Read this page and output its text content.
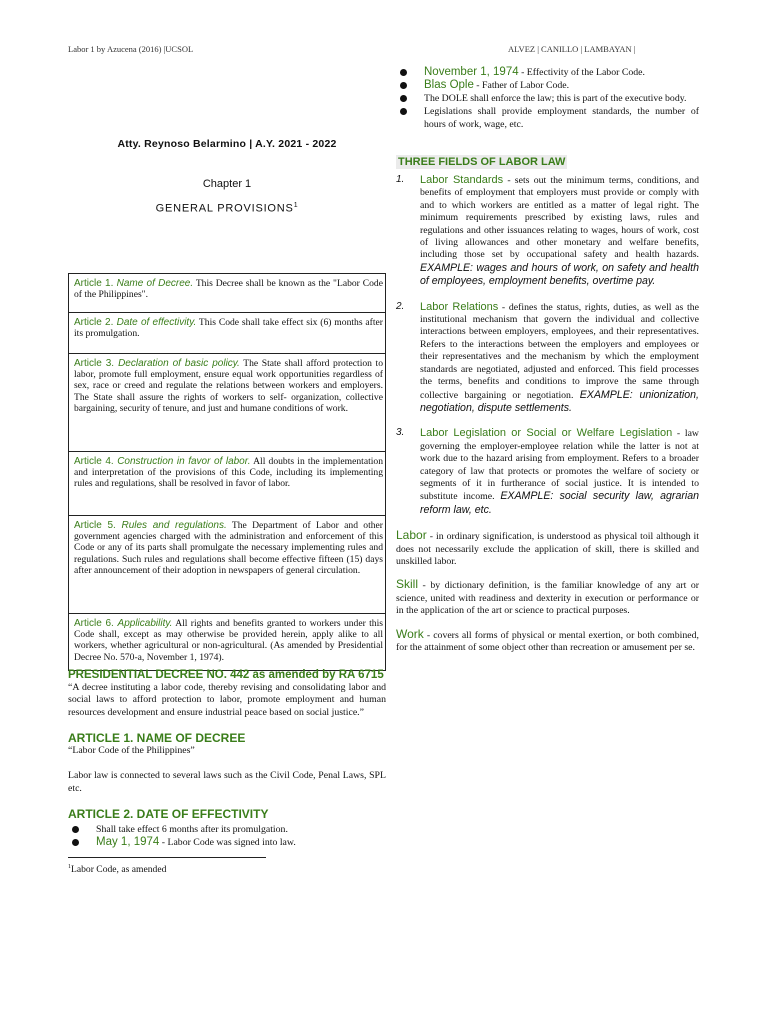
Labor 1 by Azucena (2016) |UCSOL	ALVEZ | CANILLO | LAMBAYAN |
Atty. Reynoso Belarmino | A.Y. 2021 - 2022
Chapter 1
GENERAL PROVISIONS$^1$
Article 1. Name of Decree. This Decree shall be known as the "Labor Code of the Philippines".
Article 2. Date of effectivity. This Code shall take effect six (6) months after its promulgation.
Article 3. Declaration of basic policy. The State shall afford protection to labor, promote full employment, ensure equal work opportunities regardless of sex, race or creed and regulate the relations between workers and employers. The State shall assure the rights of workers to self- organization, collective bargaining, security of tenure, and just and humane conditions of work.
Article 4. Construction in favor of labor. All doubts in the implementation and interpretation of the provisions of this Code, including its implementing rules and regulations, shall be resolved in favor of labor.
Article 5. Rules and regulations. The Department of Labor and other government agencies charged with the administration and enforcement of this Code or any of its parts shall promulgate the necessary implementing rules and regulations. Such rules and regulations shall become effective fifteen (15) days after announcement of their adoption in newspapers of general circulation.
Article 6. Applicability. All rights and benefits granted to workers under this Code shall, except as may otherwise be provided herein, apply alike to all workers, whether agricultural or non-agricultural. (As amended by Presidential Decree No. 570-a, November 1, 1974).
PRESIDENTIAL DECREE NO. 442 as amended by RA 6715
“A decree instituting a labor code, thereby revising and consolidating labor and social laws to afford protection to labor, promote employment and human resources development and ensure industrial peace based on social justice.”
ARTICLE 1. NAME OF DECREE
“Labor Code of the Philippines”
Labor law is connected to several laws such as the Civil Code, Penal Laws, SPL etc.
ARTICLE 2. DATE OF EFFECTIVITY
Shall take effect 6 months after its promulgation.
May 1, 1974 - Labor Code was signed into law.
$^1$Labor Code, as amended
November 1, 1974 - Effectivity of the Labor Code.
Blas Ople - Father of Labor Code.
The DOLE shall enforce the law; this is part of the executive body.
Legislations shall provide employment standards, the number of hours of work, wage, etc.
THREE FIELDS OF LABOR LAW
1. Labor Standards - sets out the minimum terms, conditions, and benefits of employment that employers must provide or comply with and to which workers are entitled as a matter of legal right. The minimum requirements prescribed by existing laws, rules and regulations and other issuances relating to wages, hours of work, cost of living allowances and other monetary and welfare benefits, including those set by occupational safety and health hazards. EXAMPLE: wages and hours of work, on safety and health of employees, employment benefits, overtime pay.
2. Labor Relations - defines the status, rights, duties, as well as the institutional mechanism that govern the individual and collective interactions between employers, employees, and their representatives. Refers to the interactions between the employers and employees or their representatives and the mechanism by which the employment standards are negotiated, adjusted and enforced. This field processes the terms, benefits and conditions to improve the same through collective bargaining or negotiation. EXAMPLE: unionization, negotiation, dispute settlements.
3. Labor Legislation or Social or Welfare Legislation - law governing the employer-employee relation while the latter is not at work due to the hazard arising from employment. Refers to a broader category of law that protects or promotes the welfare of society or segments of it in furtherance of social justice. It is intended to substitute income. EXAMPLE: social security law, agrarian reform law, etc.
Labor - in ordinary signification, is understood as physical toil although it does not necessarily exclude the application of skill, there is skilled and unskilled labor.
Skill - by dictionary definition, is the familiar knowledge of any art or science, united with readiness and dexterity in execution or performance or in the application of the art or science to practical purposes.
Work - covers all forms of physical or mental exertion, or both combined, for the attainment of some object other than recreation or amusement per se.
